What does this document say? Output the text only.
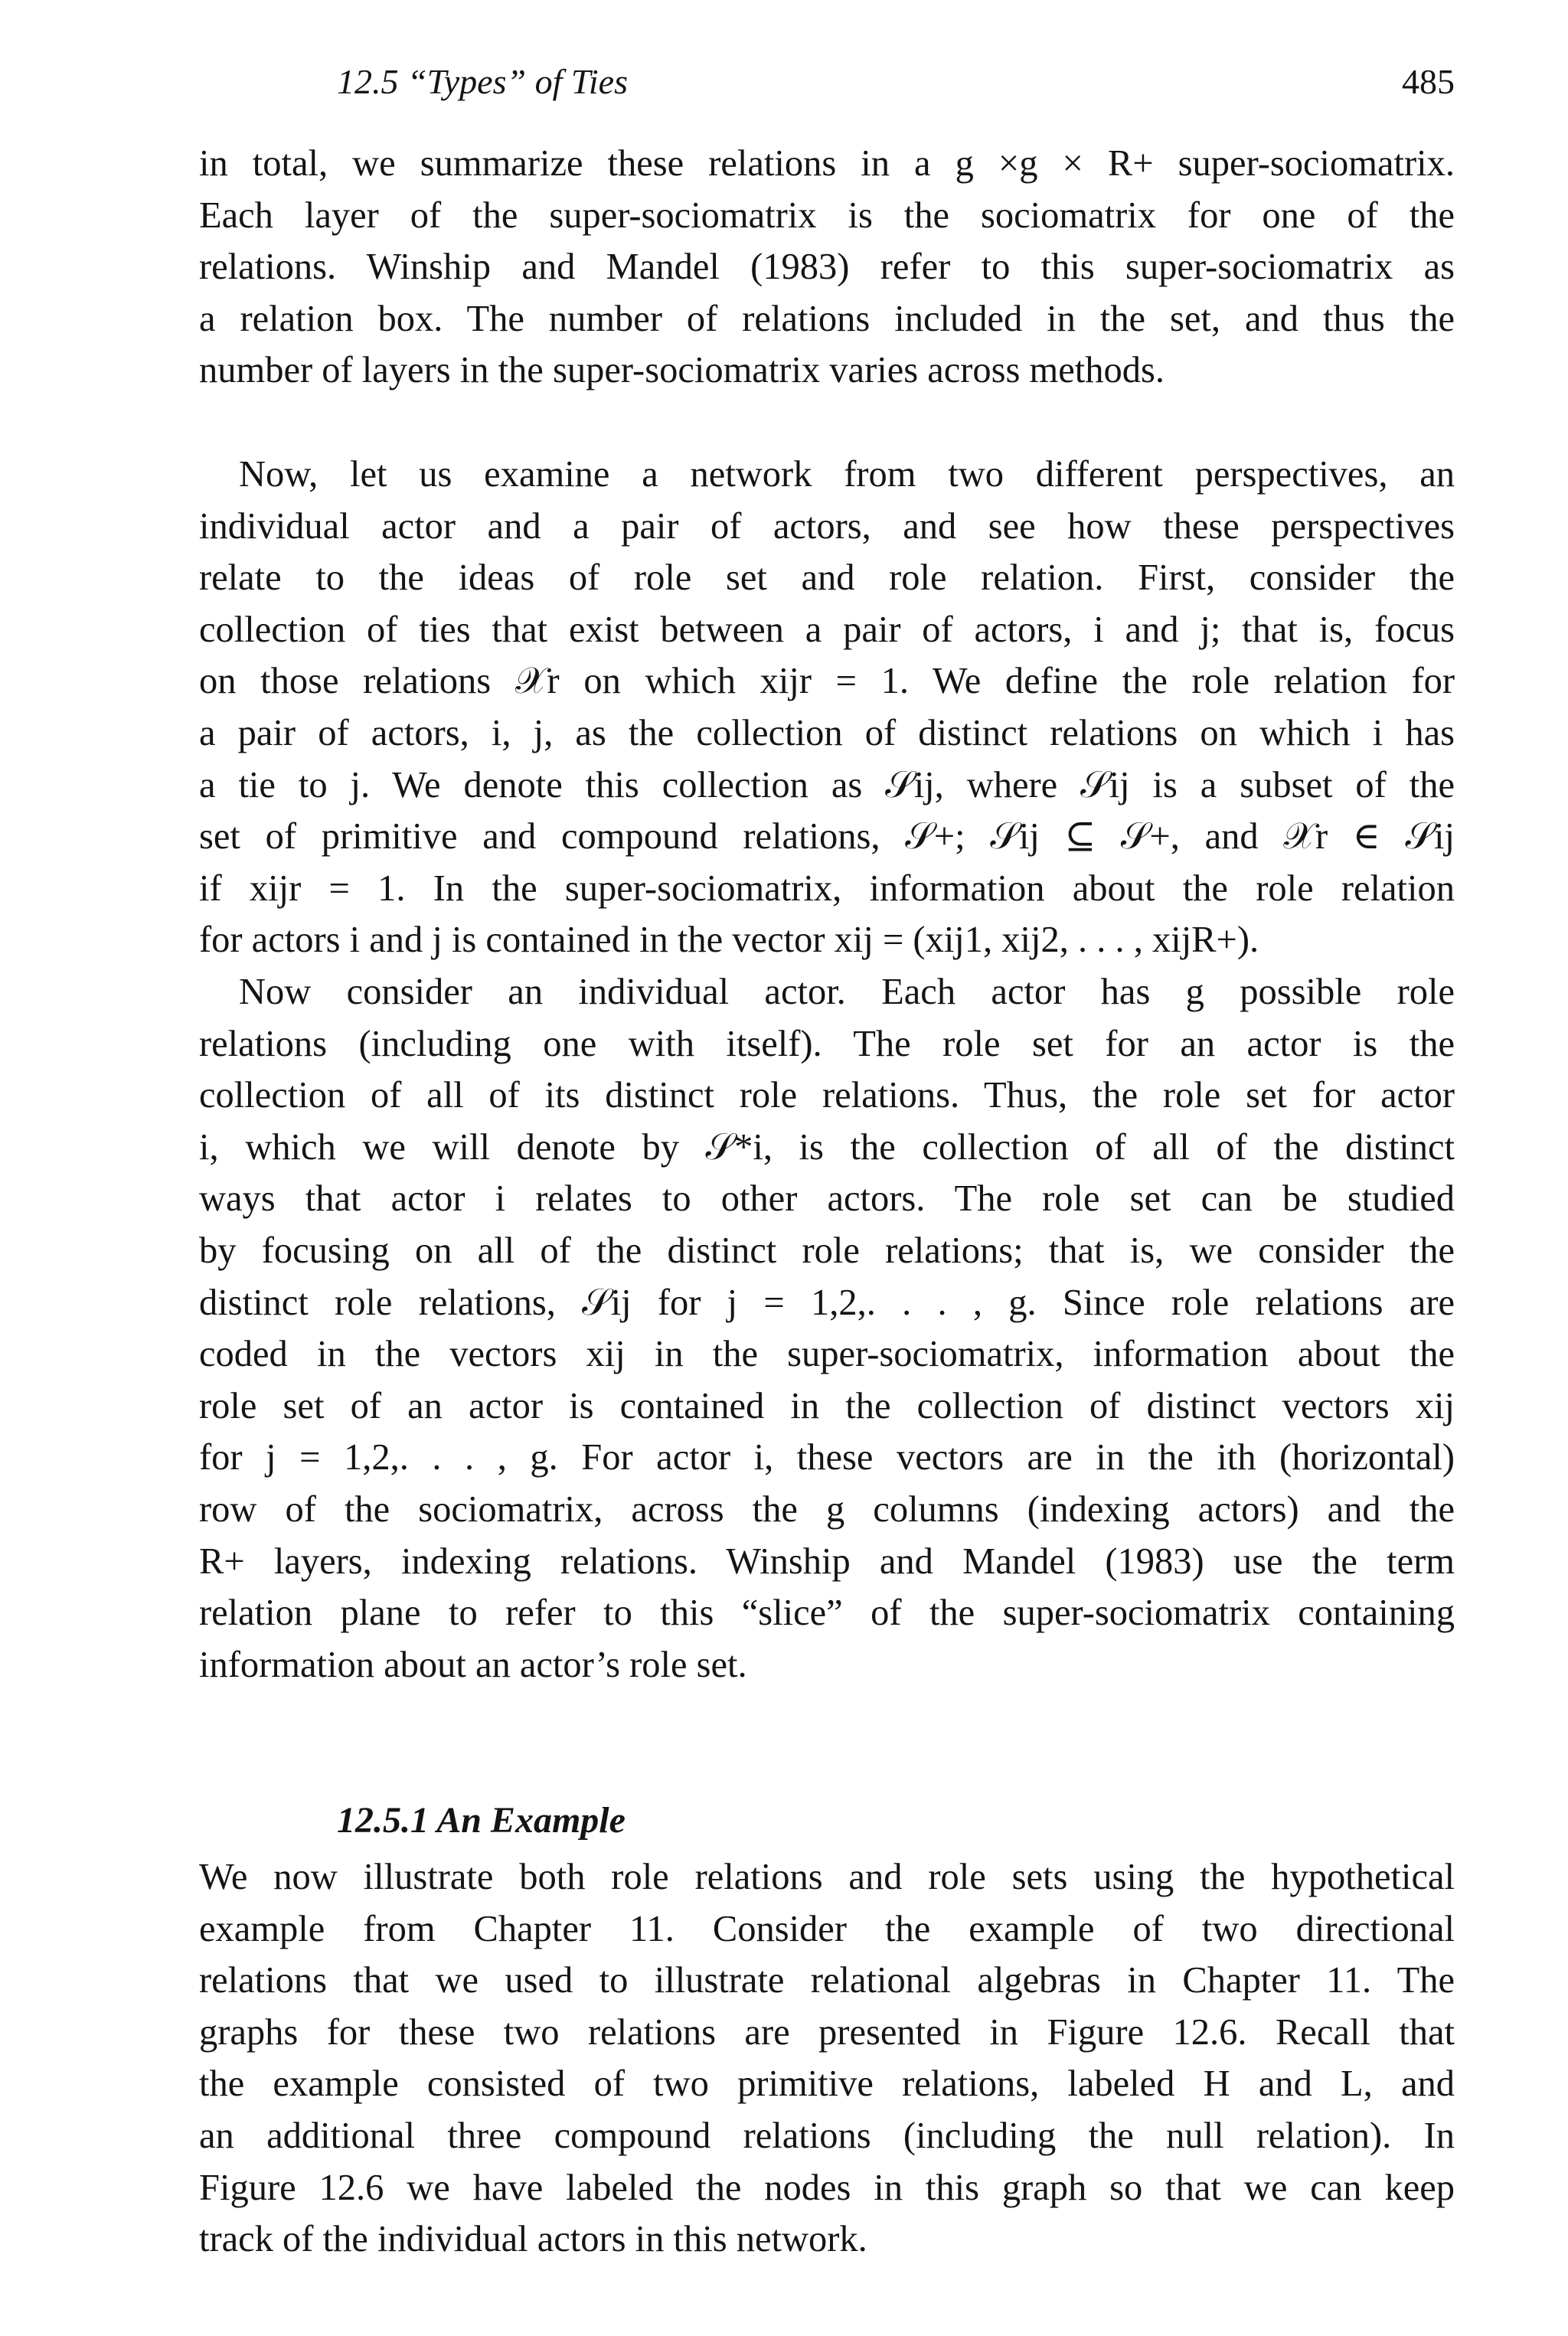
12.5 “Types” of Ties	485

in total, we summarize these relations in a g ×g × R+ super-sociomatrix.
Each layer of the super-sociomatrix is the sociomatrix for one of the
relations. Winship and Mandel (1983) refer to this super-sociomatrix as
a relation box. The number of relations included in the set, and thus the
number of layers in the super-sociomatrix varies across methods.

Now, let us examine a network from two different perspectives, an
individual actor and a pair of actors, and see how these perspectives
relate to the ideas of role set and role relation. First, consider the
collection of ties that exist between a pair of actors, i and j; that is, focus
on those relations 𝒳r on which xijr = 1. We define the role relation for
a pair of actors, i, j, as the collection of distinct relations on which i has
a tie to j. We denote this collection as 𝒮ij, where 𝒮ij is a subset of the
set of primitive and compound relations, 𝒮+; 𝒮ij ⊆ 𝒮+, and 𝒳r ∈ 𝒮ij
if xijr = 1. In the super-sociomatrix, information about the role relation
for actors i and j is contained in the vector xij = (xij1, xij2, . . . , xijR+).

Now consider an individual actor. Each actor has g possible role
relations (including one with itself). The role set for an actor is the
collection of all of its distinct role relations. Thus, the role set for actor
i, which we will denote by 𝒮*i, is the collection of all of the distinct
ways that actor i relates to other actors. The role set can be studied
by focusing on all of the distinct role relations; that is, we consider the
distinct role relations, 𝒮ij for j = 1,2,. . . , g. Since role relations are
coded in the vectors xij in the super-sociomatrix, information about the
role set of an actor is contained in the collection of distinct vectors xij
for j = 1,2,. . . , g. For actor i, these vectors are in the ith (horizontal)
row of the sociomatrix, across the g columns (indexing actors) and the
R+ layers, indexing relations. Winship and Mandel (1983) use the term
relation plane to refer to this “slice” of the super-sociomatrix containing
information about an actor’s role set.

12.5.1 An Example

We now illustrate both role relations and role sets using the hypothetical
example from Chapter 11. Consider the example of two directional
relations that we used to illustrate relational algebras in Chapter 11. The
graphs for these two relations are presented in Figure 12.6. Recall that
the example consisted of two primitive relations, labeled H and L, and
an additional three compound relations (including the null relation). In
Figure 12.6 we have labeled the nodes in this graph so that we can keep
track of the individual actors in this network.
